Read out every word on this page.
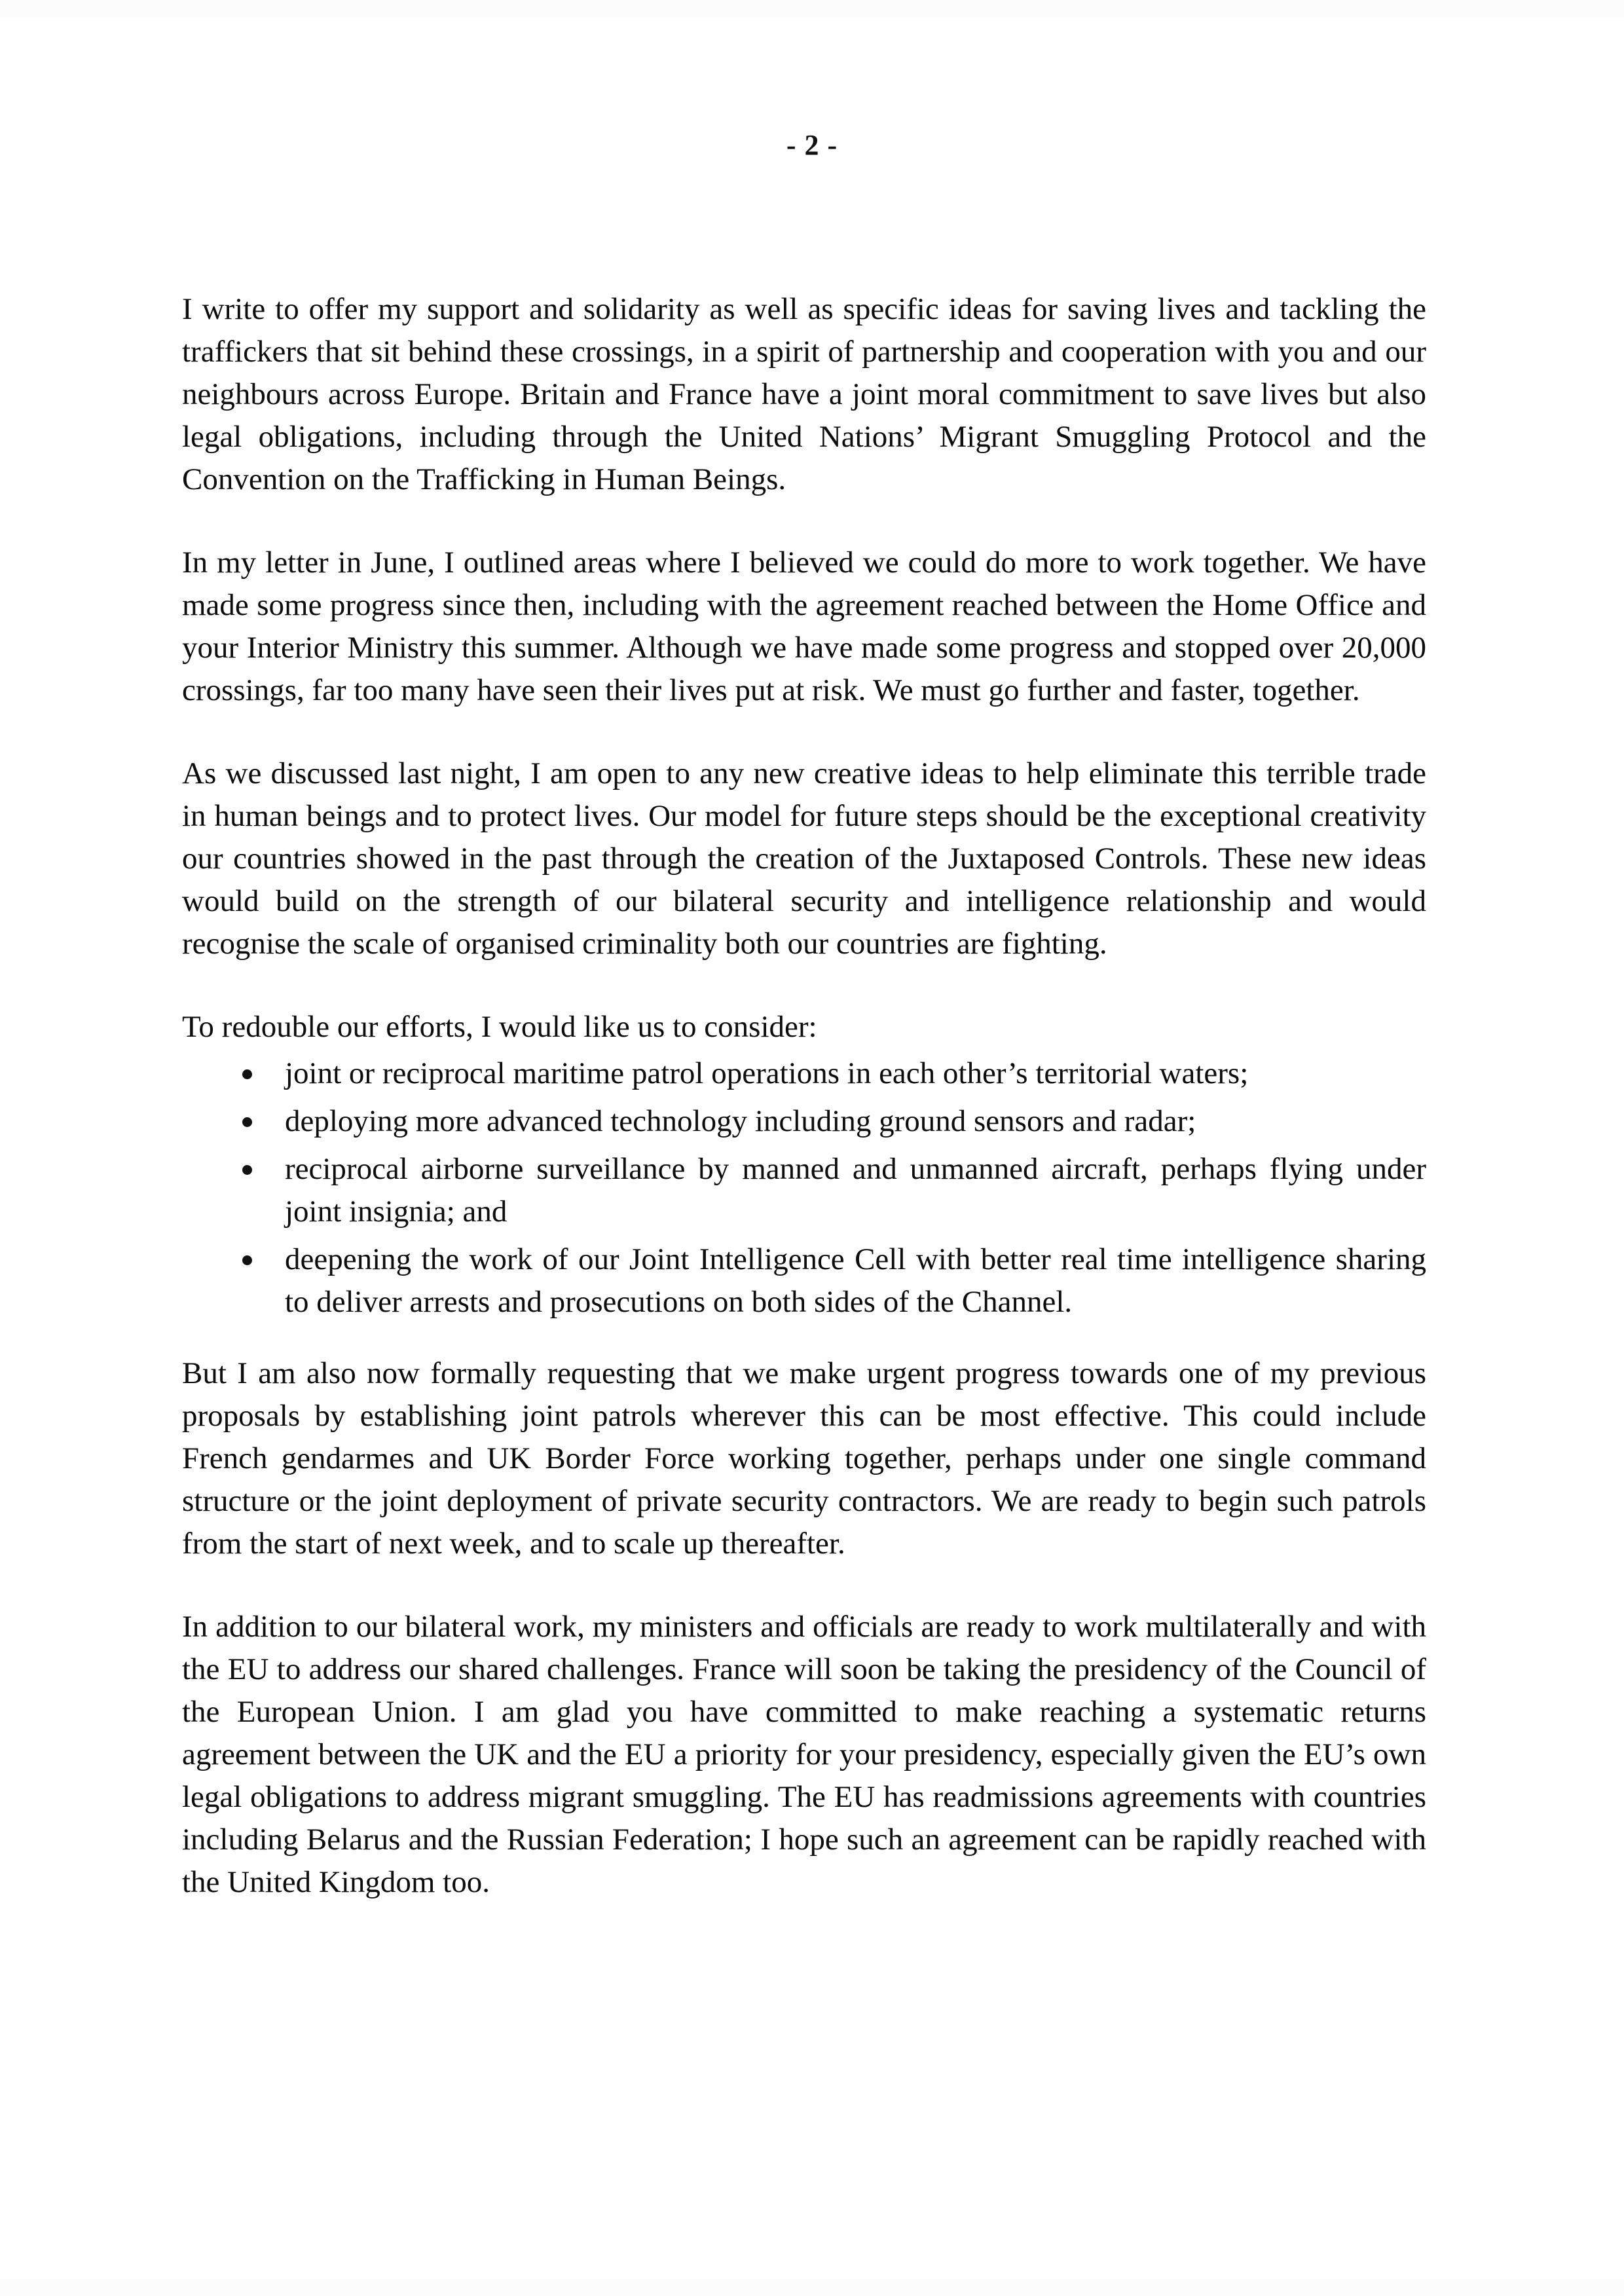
- 2 -

I write to offer my support and solidarity as well as specific ideas for saving lives and tackling the traffickers that sit behind these crossings, in a spirit of partnership and cooperation with you and our neighbours across Europe. Britain and France have a joint moral commitment to save lives but also legal obligations, including through the United Nations’ Migrant Smuggling Protocol and the Convention on the Trafficking in Human Beings.

In my letter in June, I outlined areas where I believed we could do more to work together. We have made some progress since then, including with the agreement reached between the Home Office and your Interior Ministry this summer. Although we have made some progress and stopped over 20,000 crossings, far too many have seen their lives put at risk. We must go further and faster, together.

As we discussed last night, I am open to any new creative ideas to help eliminate this terrible trade in human beings and to protect lives. Our model for future steps should be the exceptional creativity our countries showed in the past through the creation of the Juxtaposed Controls. These new ideas would build on the strength of our bilateral security and intelligence relationship and would recognise the scale of organised criminality both our countries are fighting.

To redouble our efforts, I would like us to consider:

joint or reciprocal maritime patrol operations in each other’s territorial waters;
deploying more advanced technology including ground sensors and radar;
reciprocal airborne surveillance by manned and unmanned aircraft, perhaps flying under joint insignia; and
deepening the work of our Joint Intelligence Cell with better real time intelligence sharing to deliver arrests and prosecutions on both sides of the Channel.

But I am also now formally requesting that we make urgent progress towards one of my previous proposals by establishing joint patrols wherever this can be most effective. This could include French gendarmes and UK Border Force working together, perhaps under one single command structure or the joint deployment of private security contractors. We are ready to begin such patrols from the start of next week, and to scale up thereafter.

In addition to our bilateral work, my ministers and officials are ready to work multilaterally and with the EU to address our shared challenges. France will soon be taking the presidency of the Council of the European Union. I am glad you have committed to make reaching a systematic returns agreement between the UK and the EU a priority for your presidency, especially given the EU’s own legal obligations to address migrant smuggling. The EU has readmissions agreements with countries including Belarus and the Russian Federation; I hope such an agreement can be rapidly reached with the United Kingdom too.
